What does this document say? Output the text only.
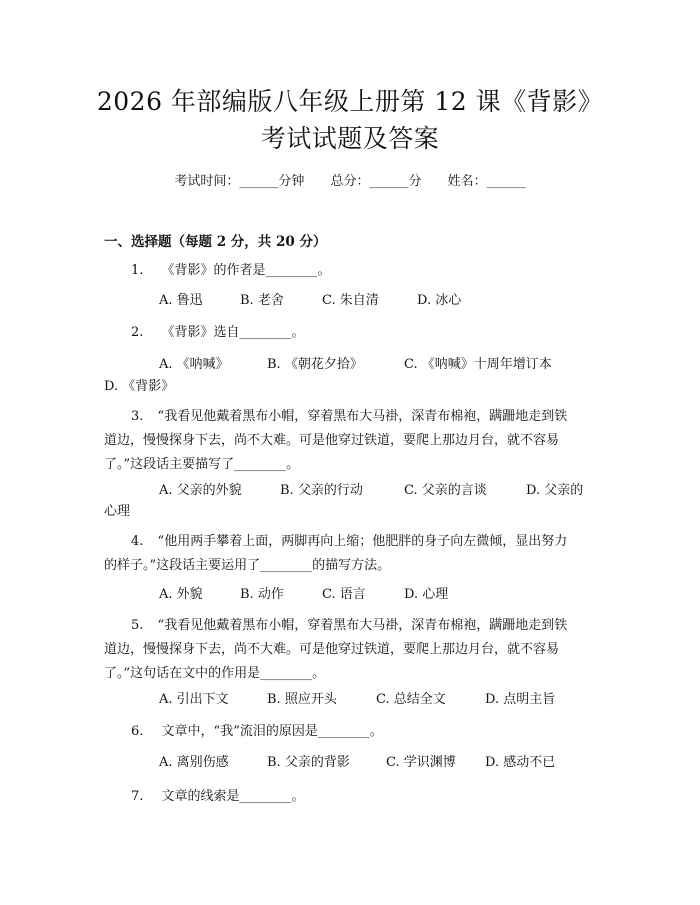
2026 年部编版八年级上册第 12 课《背影》
考试试题及答案
考试时间：______分钟 总分：______分 姓名：______
一、选择题（每题 2 分，共 20 分）
1. 《背影》的作者是________。
A. 鲁迅	B. 老舍	C. 朱自清	D. 冰心
2. 《背影》选自________。
A. 《呐喊》	B. 《朝花夕拾》	C. 《呐喊》十周年增订本
D. 《背影》
3. “我看见他戴着黑布小帽，穿着黑布大马褂，深青布棉袍，蹒跚地走到铁
道边，慢慢探身下去，尚不大难。可是他穿过铁道，要爬上那边月台，就不容易
了。”这段话主要描写了________。
A. 父亲的外貌	B. 父亲的行动	C. 父亲的言谈	D. 父亲的
心理
4. “他用两手攀着上面，两脚再向上缩；他肥胖的身子向左微倾，显出努力
的样子。”这段话主要运用了________的描写方法。
A. 外貌	B. 动作	C. 语言	D. 心理
5. “我看见他戴着黑布小帽，穿着黑布大马褂，深青布棉袍，蹒跚地走到铁
道边，慢慢探身下去，尚不大难。可是他穿过铁道，要爬上那边月台，就不容易
了。”这句话在文中的作用是________。
A. 引出下文	B. 照应开头	C. 总结全文	D. 点明主旨
6. 文章中，“我”流泪的原因是________。
A. 离别伤感	B. 父亲的背影	C. 学识渊博 D. 感动不已
7. 文章的线索是________。
